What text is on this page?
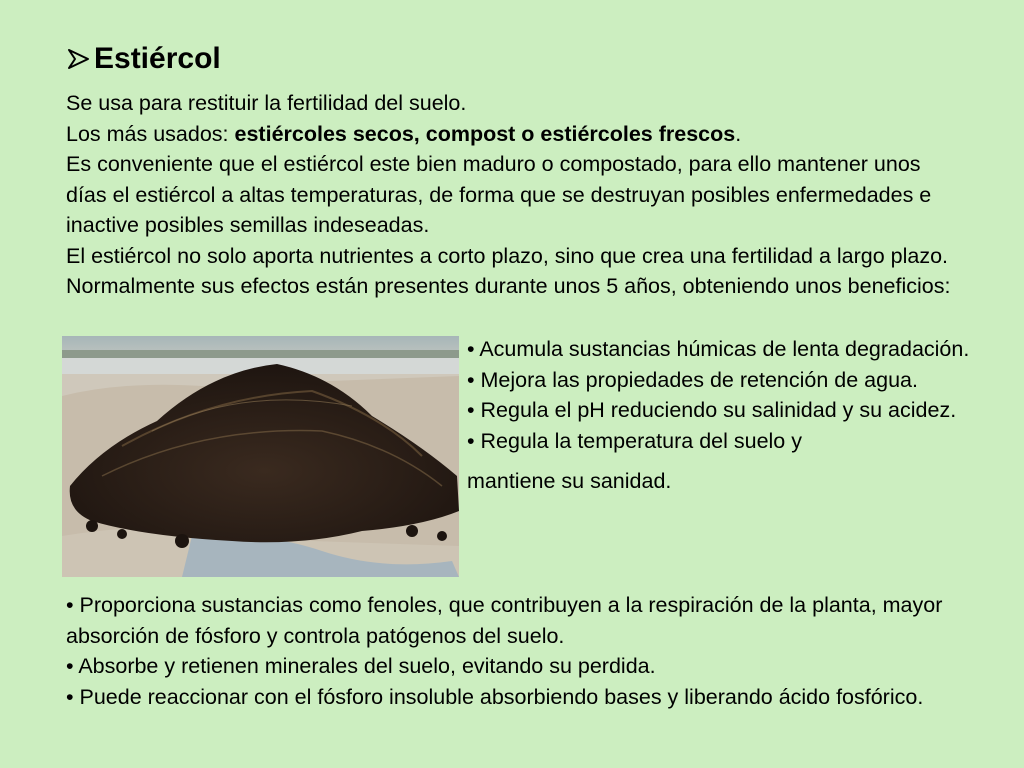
Estiércol
Se usa para restituir la fertilidad del suelo.
Los más usados: estiércoles secos, compost o estiércoles frescos.
Es conveniente que el estiércol este bien maduro o compostado, para ello mantener unos días el estiércol a altas temperaturas, de forma que se destruyan posibles enfermedades e inactive posibles semillas indeseadas.
El estiércol no solo aporta nutrientes a corto plazo, sino que crea una fertilidad a largo plazo. Normalmente sus efectos están presentes durante unos 5 años, obteniendo unos beneficios:
• Acumula sustancias húmicas de lenta degradación.
• Mejora las propiedades de retención de agua.
• Regula el pH reduciendo su salinidad y su acidez.
• Regula la temperatura del suelo y
mantiene su sanidad.
• Proporciona sustancias como fenoles, que contribuyen a la respiración de la planta, mayor absorción de fósforo y controla patógenos del suelo.
• Absorbe y retienen minerales del suelo, evitando su perdida.
• Puede reaccionar con el fósforo insoluble absorbiendo bases y liberando ácido fosfórico.
